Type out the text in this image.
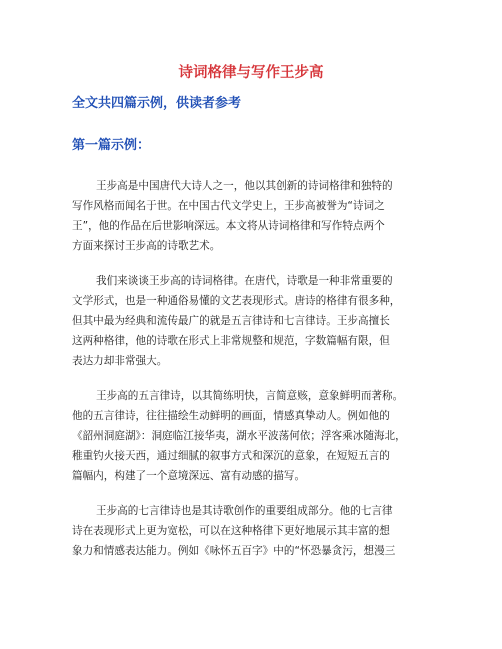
诗词格律与写作王步高
全文共四篇示例，供读者参考
第一篇示例：
王步高是中国唐代大诗人之一，他以其创新的诗词格律和独特的
写作风格而闻名于世。在中国古代文学史上，王步高被誉为“诗词之
王”，他的作品在后世影响深远。本文将从诗词格律和写作特点两个
方面来探讨王步高的诗歌艺术。
我们来谈谈王步高的诗词格律。在唐代，诗歌是一种非常重要的
文学形式，也是一种通俗易懂的文艺表现形式。唐诗的格律有很多种，
但其中最为经典和流传最广的就是五言律诗和七言律诗。王步高擅长
这两种格律，他的诗歌在形式上非常规整和规范，字数篇幅有限，但
表达力却非常强大。
王步高的五言律诗，以其简练明快，言简意赅，意象鲜明而著称。
他的五言律诗，往往描绘生动鲜明的画面，情感真挚动人。例如他的
《韶州洞庭湖》：洞庭临江接华夷，湖水平波荡何依；浮客乘冰随海北，
稚重钓火接天西，通过细腻的叙事方式和深沉的意象，在短短五言的
篇幅内，构建了一个意境深远、富有动感的描写。
王步高的七言律诗也是其诗歌创作的重要组成部分。他的七言律
诗在表现形式上更为宽松，可以在这种格律下更好地展示其丰富的想
象力和情感表达能力。例如《咏怀五百字》中的“怀恐暴贪污，想漫三
